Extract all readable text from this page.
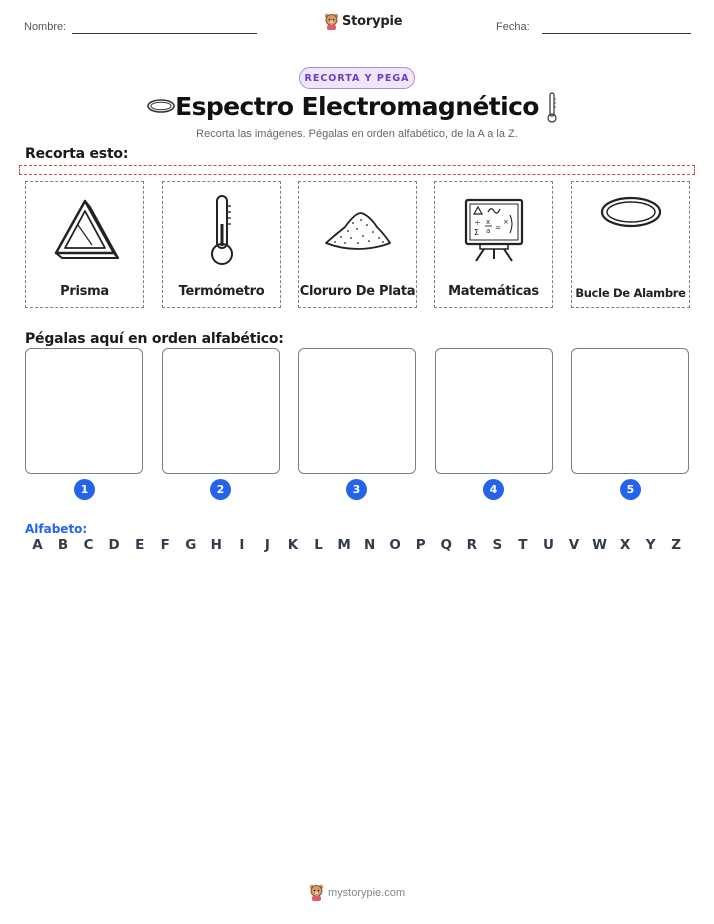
Nombre:	Storypie	Fecha:
RECORTA Y PEGA
Espectro Electromagnético
Recorta las imágenes. Pégalas en orden alfabético, de la A a la Z.
Recorta esto:
Prisma	Termómetro	Cloruro De Plata
÷
Σ
x
a =
×
Matemáticas	Bucle De Alambre
Pégalas aquí en orden alfabético:
1	2	3	4	5
Alfabeto:
A	B	C	D	E	F	G	H	I	J	K	L	M N	O	P	Q	R	S	T	U	V W X	Y	Z
mystorypie.com
